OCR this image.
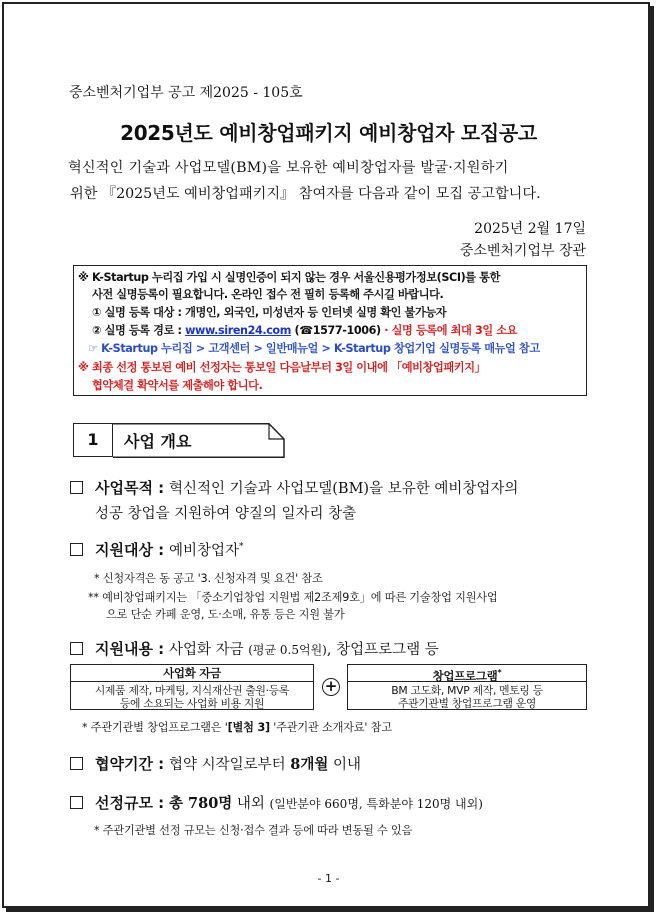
중소벤처기업부 공고 제2025 - 105호
2025년도 예비창업패키지 예비창업자 모집공고
혁신적인 기술과 사업모델(BM)을 보유한 예비창업자를 발굴·지원하기
위한 『2025년도 예비창업패키지』 참여자를 다음과 같이 모집 공고합니다.
2025년 2월 17일
중소벤처기업부 장관
※ K-Startup 누리집 가입 시 실명인증이 되지 않는 경우 서울신용평가정보(SCI)를 통한
사전 실명등록이 필요합니다. 온라인 접수 전 필히 등록해 주시길 바랍니다.
① 실명 등록 대상 : 개명인, 외국인, 미성년자 등 인터넷 실명 확인 불가능자
② 실명 등록 경로 : www.siren24.com (☎1577-1006) · 실명 등록에 최대 3일 소요
☞ K-Startup 누리집 > 고객센터 > 일반매뉴얼 > K-Startup 창업기업 실명등록 매뉴얼 참고
※ 최종 선정 통보된 예비 선정자는 통보일 다음날부터 3일 이내에 「예비창업패키지」
협약체결 확약서를 제출해야 합니다.
1	사업 개요
사업목적 : 혁신적인 기술과 사업모델(BM)을 보유한 예비창업자의
성공 창업을 지원하여 양질의 일자리 창출
지원대상 : 예비창업자*
* 신청자격은 동 공고 '3. 신청자격 및 요건' 참조
** 예비창업패키지는 「중소기업창업 지원법 제2조제9호」에 따른 기술창업 지원사업
으로 단순 카페 운영, 도·소매, 유통 등은 지원 불가
지원내용 : 사업화 자금 (평균 0.5억원), 창업프로그램 등
사업화 자금
시제품 제작, 마케팅, 지식재산권 출원·등록
등에 소요되는 사업화 비용 지원
+
창업프로그램*
BM 고도화, MVP 제작, 멘토링 등
주관기관별 창업프로그램 운영
* 주관기관별 창업프로그램은 '[별첨 3] '주관기관 소개자료' 참고
협약기간 : 협약 시작일로부터 8개월 이내
선정규모 : 총 780명 내외 (일반분야 660명, 특화분야 120명 내외)
* 주관기관별 선정 규모는 신청·접수 결과 등에 따라 변동될 수 있음
- 1 -
